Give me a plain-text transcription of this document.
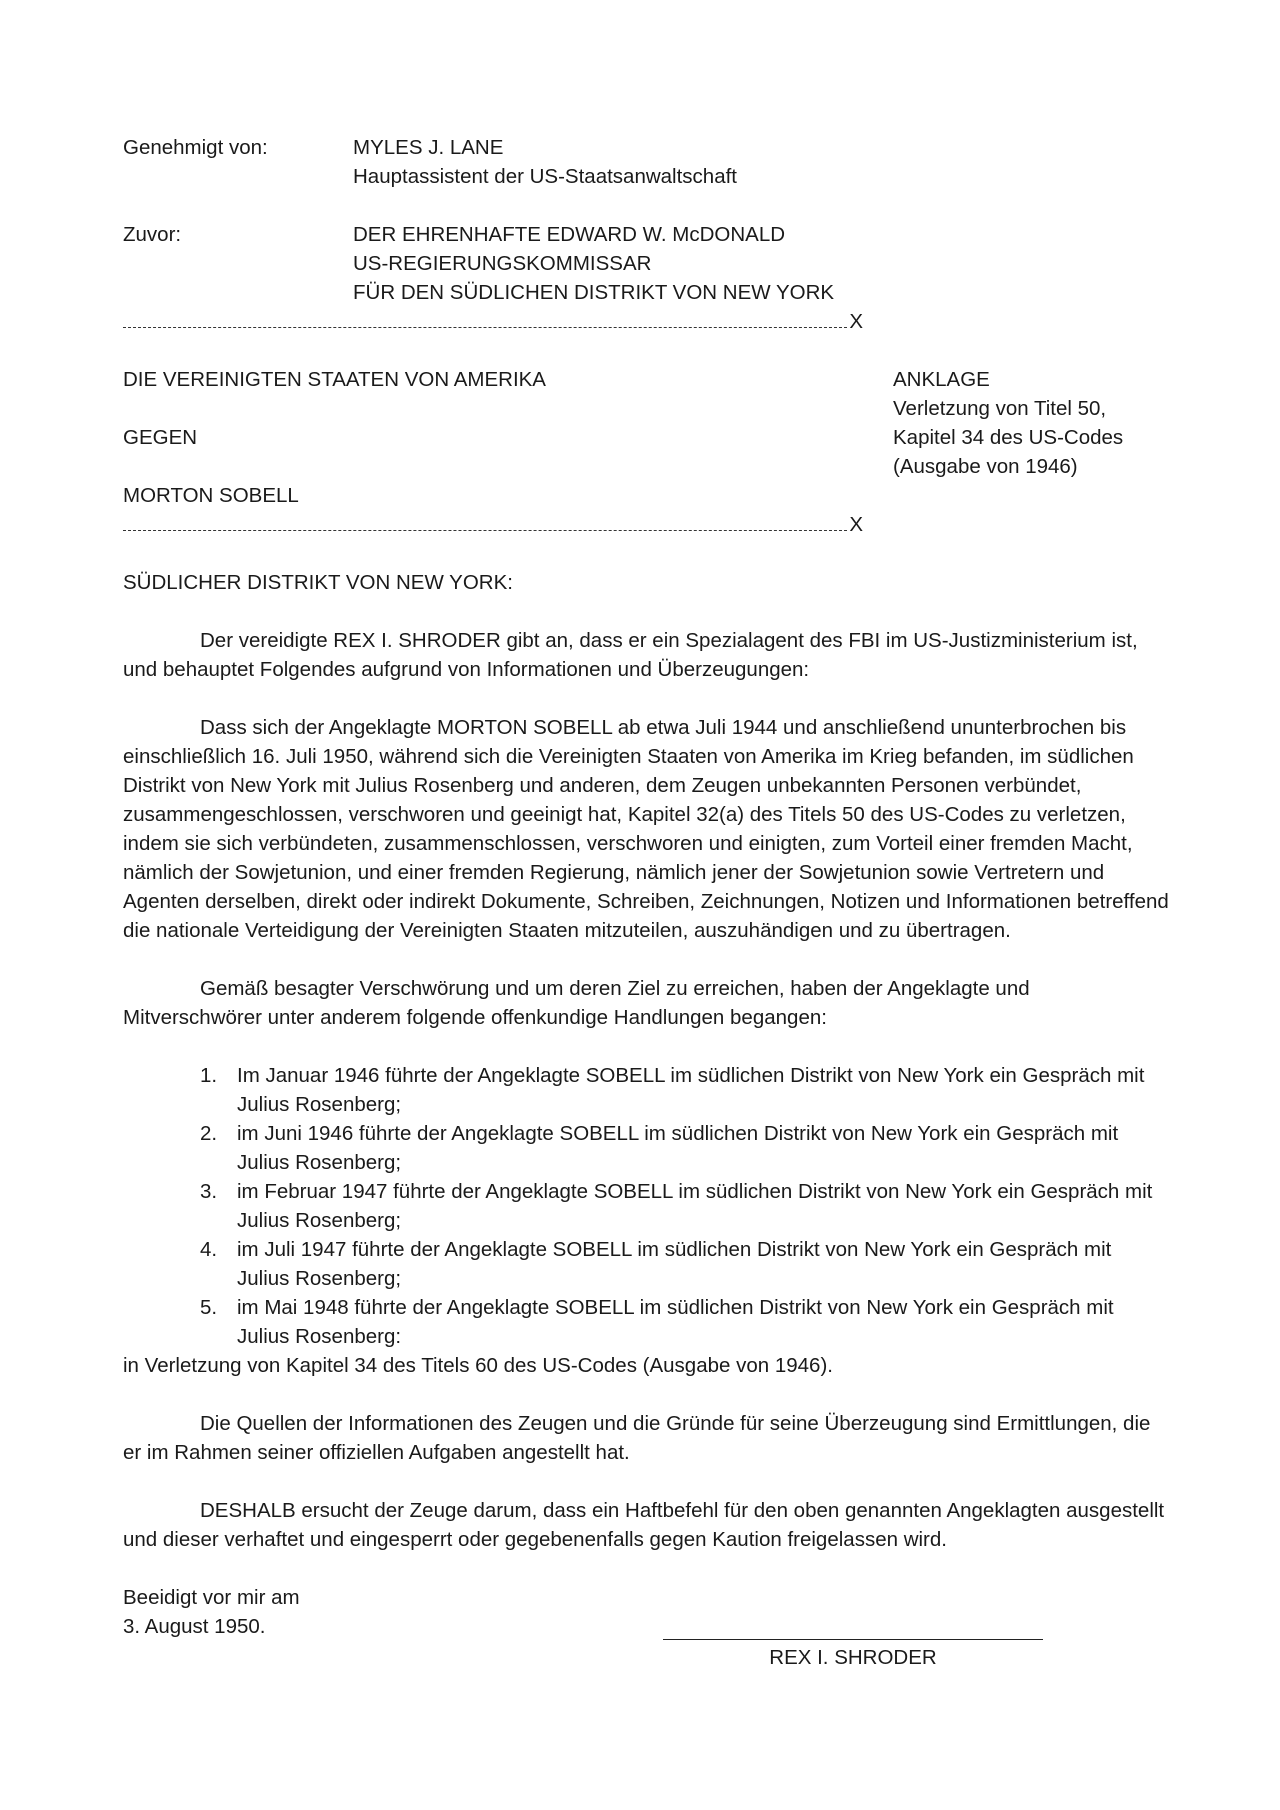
Genehmigt von:	MYLES J. LANE
Hauptassistent der US-Staatsanwaltschaft
Zuvor:	DER EHRENHAFTE EDWARD W. McDONALD
US-REGIERUNGSKOMMISSAR
FÜR DEN SÜDLICHEN DISTRIKT VON NEW YORK
X
DIE VEREINIGTEN STAATEN VON AMERIKA
GEGEN
MORTON SOBELL
ANKLAGE
Verletzung von Titel 50,
Kapitel 34 des US-Codes
(Ausgabe von 1946)
X
SÜDLICHER DISTRIKT VON NEW YORK:

Der vereidigte REX I. SHRODER gibt an, dass er ein Spezialagent des FBI im US-Justizministerium ist, und behauptet Folgendes aufgrund von Informationen und Überzeugungen:

Dass sich der Angeklagte MORTON SOBELL ab etwa Juli 1944 und anschließend ununterbrochen bis einschließlich 16. Juli 1950, während sich die Vereinigten Staaten von Amerika im Krieg befanden, im südlichen Distrikt von New York mit Julius Rosenberg und anderen, dem Zeugen unbekannten Personen verbündet, zusammengeschlossen, verschworen und geeinigt hat, Kapitel 32(a) des Titels 50 des US-Codes zu verletzen, indem sie sich verbündeten, zusammenschlossen, verschworen und einigten, zum Vorteil einer fremden Macht, nämlich der Sowjetunion, und einer fremden Regierung, nämlich jener der Sowjetunion sowie Vertretern und Agenten derselben, direkt oder indirekt Dokumente, Schreiben, Zeichnungen, Notizen und Informationen betreffend die nationale Verteidigung der Vereinigten Staaten mitzuteilen, auszuhändigen und zu übertragen.

Gemäß besagter Verschwörung und um deren Ziel zu erreichen, haben der Angeklagte und Mitverschwörer unter anderem folgende offenkundige Handlungen begangen:

1. Im Januar 1946 führte der Angeklagte SOBELL im südlichen Distrikt von New York ein Gespräch mit Julius Rosenberg;
2. im Juni 1946 führte der Angeklagte SOBELL im südlichen Distrikt von New York ein Gespräch mit Julius Rosenberg;
3. im Februar 1947 führte der Angeklagte SOBELL im südlichen Distrikt von New York ein Gespräch mit Julius Rosenberg;
4. im Juli 1947 führte der Angeklagte SOBELL im südlichen Distrikt von New York ein Gespräch mit Julius Rosenberg;
5. im Mai 1948 führte der Angeklagte SOBELL im südlichen Distrikt von New York ein Gespräch mit Julius Rosenberg:

in Verletzung von Kapitel 34 des Titels 60 des US-Codes (Ausgabe von 1946).

Die Quellen der Informationen des Zeugen und die Gründe für seine Überzeugung sind Ermittlungen, die er im Rahmen seiner offiziellen Aufgaben angestellt hat.

DESHALB ersucht der Zeuge darum, dass ein Haftbefehl für den oben genannten Angeklagten ausgestellt und dieser verhaftet und eingesperrt oder gegebenenfalls gegen Kaution freigelassen wird.

Beeidigt vor mir am
3. August 1950.
REX I. SHRODER
